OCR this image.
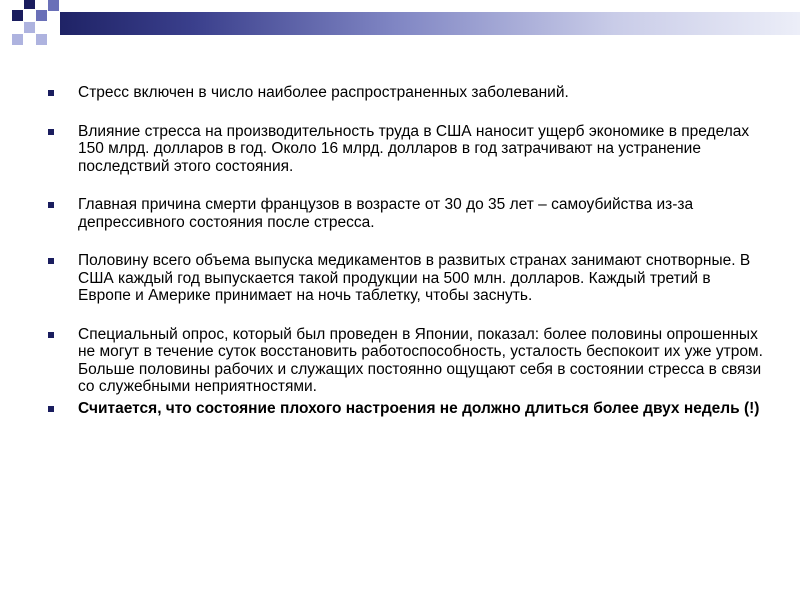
Стресс включен в число наиболее распространенных заболеваний.
Влияние стресса на производительность труда в США наносит ущерб экономике в пределах 150 млрд. долларов в год. Около 16 млрд. долларов в год затрачивают на устранение последствий этого состояния.
Главная причина смерти французов в возрасте от 30 до 35 лет – самоубийства из-за депрессивного состояния после стресса.
Половину всего объема выпуска медикаментов в развитых странах занимают снотворные. В США каждый год выпускается такой продукции на 500 млн. долларов. Каждый третий в Европе и Америке принимает на ночь таблетку, чтобы заснуть.
Специальный опрос, который был проведен в Японии, показал: более половины опрошенных не могут в течение суток восстановить работоспособность, усталость беспокоит их уже утром. Больше половины рабочих и служащих постоянно ощущают себя в состоянии стресса в связи со служебными неприятностями.
Считается, что состояние плохого настроения не должно длиться более двух недель (!)
